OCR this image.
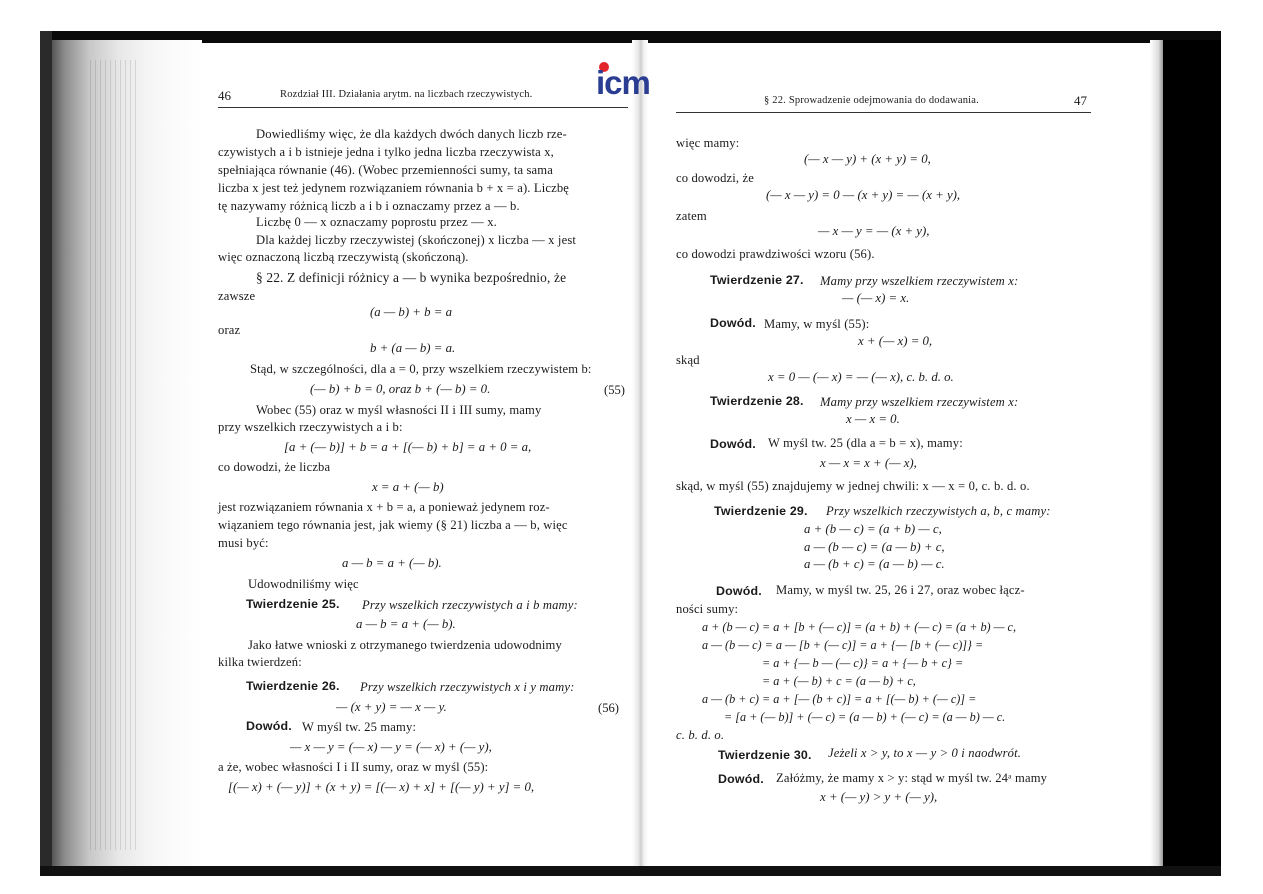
icm
46	Rozdział III. Działania arytm. na liczbach rzeczywistych.
Dowiedliśmy więc, że dla każdych dwóch danych liczb rze-
czywistych a i b istnieje jedna i tylko jedna liczba rzeczywista x,
spełniająca równanie (46). (Wobec przemienności sumy, ta sama
liczba x jest też jedynem rozwiązaniem równania b + x = a). Liczbę
tę nazywamy różnicą liczb a i b i oznaczamy przez a — b.
Liczbę 0 — x oznaczamy poprostu przez — x.
Dla każdej liczby rzeczywistej (skończonej) x liczba — x jest
więc oznaczoną liczbą rzeczywistą (skończoną).
§ 22. Z definicji różnicy a — b wynika bezpośrednio, że
zawsze
(a — b) + b = a
oraz
b + (a — b) = a.
Stąd, w szczególności, dla a = 0, przy wszelkiem rzeczywistem b:
(— b) + b = 0, oraz b + (— b) = 0.	(55)
Wobec (55) oraz w myśl własności II i III sumy, mamy
przy wszelkich rzeczywistych a i b:
[a + (— b)] + b = a + [(— b) + b] = a + 0 = a,
co dowodzi, że liczba
x = a + (— b)
jest rozwiązaniem równania x + b = a, a ponieważ jedynem roz-
wiązaniem tego równania jest, jak wiemy (§ 21) liczba a — b, więc
musi być:
a — b = a + (— b).
Udowodniliśmy więc
Twierdzenie 25. Przy wszelkich rzeczywistych a i b mamy:
a — b = a + (— b).
Jako łatwe wnioski z otrzymanego twierdzenia udowodnimy
kilka twierdzeń:
Twierdzenie 26. Przy wszelkich rzeczywistych x i y mamy:
— (x + y) = — x — y.	(56)
Dowód. W myśl tw. 25 mamy:
— x — y = (— x) — y = (— x) + (— y),
a że, wobec własności I i II sumy, oraz w myśl (55):
[(— x) + (— y)] + (x + y) = [(— x) + x] + [(— y) + y] = 0,
§ 22. Sprowadzenie odejmowania do dodawania.	47
więc mamy:
(— x — y) + (x + y) = 0,
co dowodzi, że
(— x — y) = 0 — (x + y) = — (x + y),
zatem
— x — y = — (x + y),
co dowodzi prawdziwości wzoru (56).
Twierdzenie 27. Mamy przy wszelkiem rzeczywistem x:
— (— x) = x.
Dowód. Mamy, w myśl (55):
x + (— x) = 0,
skąd
x = 0 — (— x) = — (— x), c. b. d. o.
Twierdzenie 28. Mamy przy wszelkiem rzeczywistem x:
x — x = 0.
Dowód. W myśl tw. 25 (dla a = b = x), mamy:
x — x = x + (— x),
skąd, w myśl (55) znajdujemy w jednej chwili: x — x = 0, c. b. d. o.
Twierdzenie 29. Przy wszelkich rzeczywistych a, b, c mamy:
a + (b — c) = (a + b) — c,
a — (b — c) = (a — b) + c,
a — (b + c) = (a — b) — c.
Dowód. Mamy, w myśl tw. 25, 26 i 27, oraz wobec łącz-
ności sumy:
a + (b — c) = a + [b + (— c)] = (a + b) + (— c) = (a + b) — c,
a — (b — c) = a — [b + (— c)] = a + {— [b + (— c)]} =
= a + {— b — (— c)} = a + {— b + c} =
= a + (— b) + c = (a — b) + c,
a — (b + c) = a + [— (b + c)] = a + [(— b) + (— c)] =
= [a + (— b)] + (— c) = (a — b) + (— c) = (a — b) — c.
c. b. d. o.
Twierdzenie 30. Jeżeli x > y, to x — y > 0 i naodwrót.
Dowód. Załóżmy, że mamy x > y: stąd w myśl tw. 24ᵃ mamy
x + (— y) > y + (— y),
